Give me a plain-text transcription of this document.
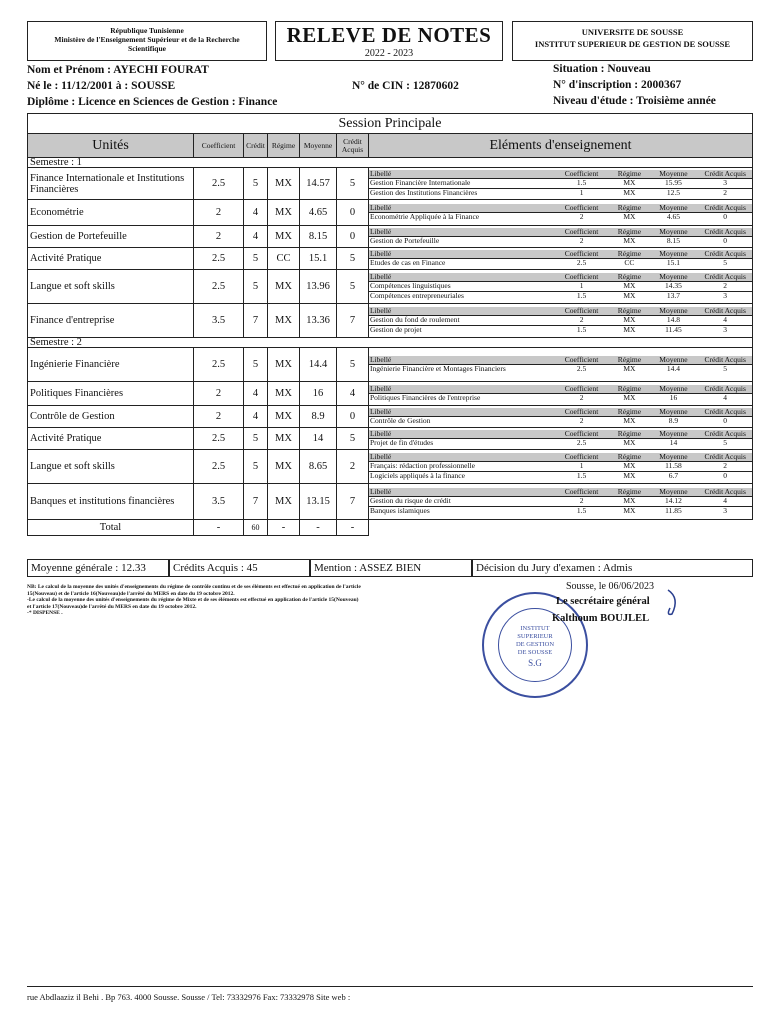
République Tunisienne
Ministère de l'Enseignement Supérieur et de la Recherche
Scientifique
RELEVE DE NOTES
2022 - 2023
UNIVERSITE DE SOUSSE
INSTITUT SUPERIEUR DE GESTION DE SOUSSE
Nom et Prénom : AYECHI FOURAT
Né le : 11/12/2001 à : SOUSSE	N° de CIN : 12870602
Diplôme : Licence en Sciences de Gestion : Finance
Situation : Nouveau
N° d'inscription : 2000367
Niveau d'étude : Troisième année
Session Principale
Unités	Coefficient	Crédit	Régime	Moyenne	Crédit Acquis	Eléments d'enseignement
Semestre : 1
Finance Internationale et Institutions Financières	2.5	5	MX	14.57	5	
Libellé	Coefficient	Régime	Moyenne	Crédit Acquis
Gestion Financière Internationale	1.5	MX	15.95	3
Gestion des Institutions Financières	1	MX	12.5	2

Econométrie	2	4	MX	4.65	0	Libellé	Coefficient	Régime	Moyenne	Crédit Acquis
Econométrie Appliquée à la Finance	2	MX	4.65	0

Gestion de Portefeuille	2	4	MX	8.15	0	Libellé	Coefficient	Régime	Moyenne	Crédit Acquis
Gestion de Portefeuille	2	MX	8.15	0

Activité Pratique	2.5	5	CC	15.1	5	Libellé	Coefficient	Régime	Moyenne	Crédit Acquis
Etudes de cas en Finance	2.5	CC	15.1	5

Langue et soft skills	2.5	5	MX	13.96	5	
Libellé	Coefficient	Régime	Moyenne	Crédit Acquis
Compétences linguistiques	1	MX	14.35	2
Compétences entrepreneuriales	1.5	MX	13.7	3

Finance d'entreprise	3.5	7	MX	13.36	7	
Libellé	Coefficient	Régime	Moyenne	Crédit Acquis
Gestion du fond de roulement	2	MX	14.8	4
Gestion de projet	1.5	MX	11.45	3

Semestre : 2
Ingénierie Financière	2.5	5	MX	14.4	5	Libellé	Coefficient	Régime	Moyenne	Crédit Acquis
Ingénierie Financière et Montages Financiers	2.5	MX	14.4	5

Politiques Financières	2	4	MX	16	4	Libellé	Coefficient	Régime	Moyenne	Crédit Acquis
Politiques Financières de l'entreprise	2	MX	16	4

Contrôle de Gestion	2	4	MX	8.9	0	Libellé	Coefficient	Régime	Moyenne	Crédit Acquis
Contrôle de Gestion	2	MX	8.9	0

Activité Pratique	2.5	5	MX	14	5	Libellé	Coefficient	Régime	Moyenne	Crédit Acquis
Projet de fin d'études	2.5	MX	14	5

Langue et soft skills	2.5	5	MX	8.65	2	
Libellé	Coefficient	Régime	Moyenne	Crédit Acquis
Français: rédaction professionnelle	1	MX	11.58	2
Logiciels appliqués à la finance	1.5	MX	6.7	0

Banques et institutions financières	3.5	7	MX	13.15	7	
Libellé	Coefficient	Régime	Moyenne	Crédit Acquis
Gestion du risque de crédit	2	MX	14.12	4
Banques islamiques	1.5	MX	11.85	3

Total	-	60	-	-	-	
Moyenne générale : 12.33	Crédits Acquis : 45	Mention : ASSEZ BIEN	Décision du Jury d'examen : Admis
NB: Le calcul de la moyenne des unités d'enseignements du régime de contrôle continu et de ses éléments est effectué en application de l'article
15(Nouveau) et de l'article 16(Nouveau)de l'arrêté du MERS en date du 19 octobre 2012.
-Le calcul de la moyenne des unités d'enseignements du régime de Mixte et de ses éléments est effectué en application de l'article 15(Nouveau)
et l'article 17(Nouveau)de l'arrêté du MERS en date du 19 octobre 2012.
-* DISPENSE .
Sousse, le 06/06/2023
INSTITUT
SUPERIEUR
DE GESTION
DE SOUSSE
S.G
Le secrétaire général
Kalthoum BOUJLEL
rue Abdlaaziz il Behi . Bp 763. 4000 Sousse. Sousse / Tel: 73332976 Fax: 73332978 Site web :
